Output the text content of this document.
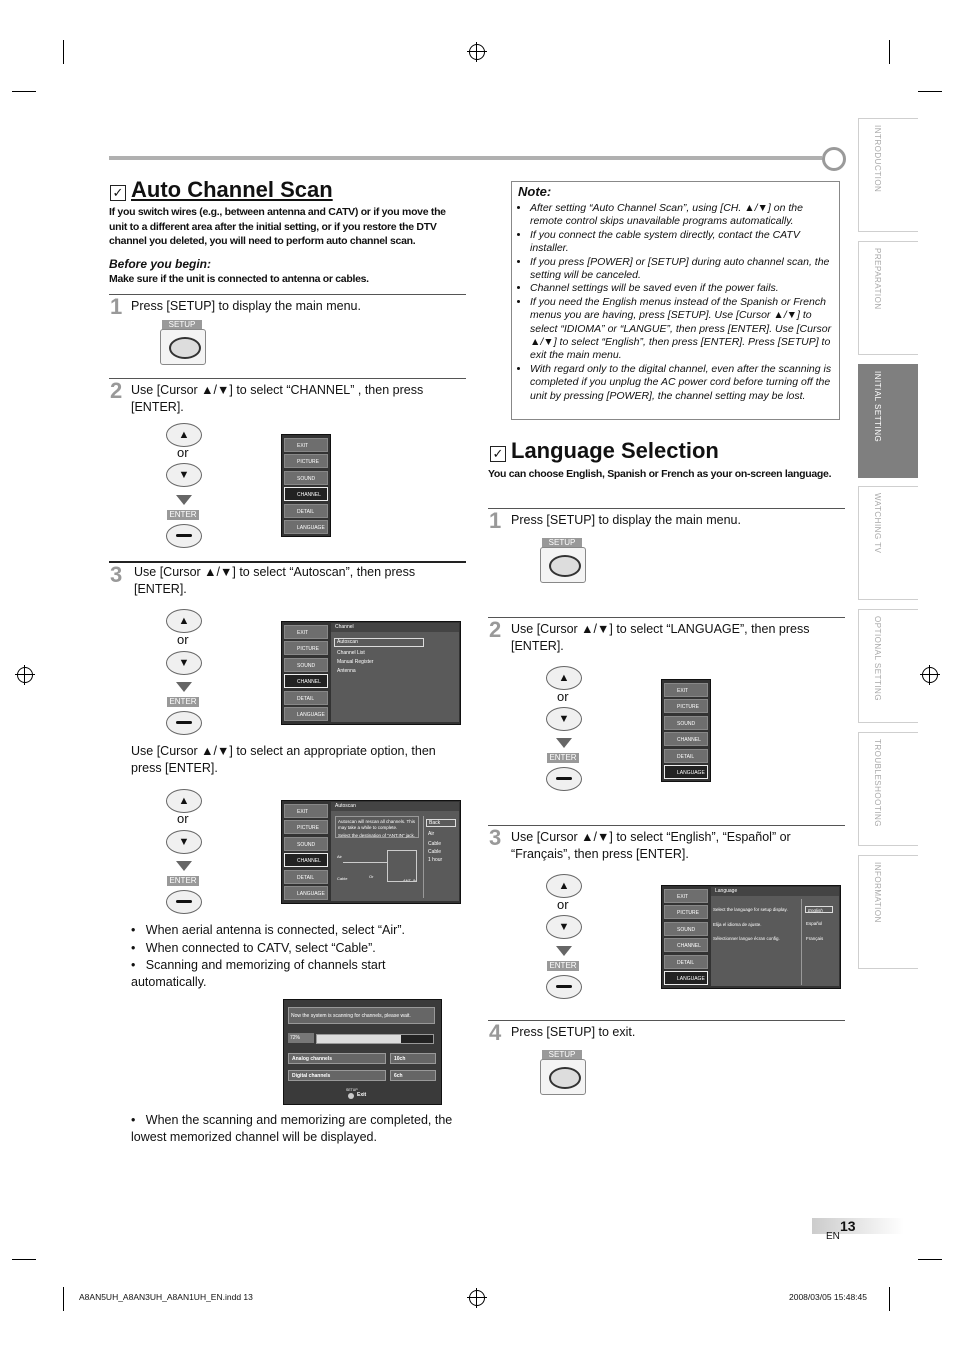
INTRODUCTION
PREPARATION
INITIAL SETTING
WATCHING TV
OPTIONAL SETTING
TROUBLESHOOTING
INFORMATION
✓ Auto Channel Scan
If you switch wires (e.g., between antenna and CATV) or if you move the unit to a different area after the initial setting, or if you restore the DTV channel you deleted, you will need to perform auto channel scan.
Before you begin:
Make sure if the unit is connected to antenna or cables.
1 Press [SETUP] to display the main menu.
SETUP
2 Use [Cursor ▲/▼] to select “CHANNEL” , then press [ENTER].
▲
or
▼
ENTER
EXIT
PICTURE
SOUND
CHANNEL
DETAIL
LANGUAGE
3 Use [Cursor ▲/▼] to select “Autoscan”, then press [ENTER].
▲
or
▼
ENTER
EXIT
PICTURE
SOUND
CHANNEL
DETAIL
LANGUAGE
Channel
Autoscan
Channel List
Manual Register
Antenna
Use [Cursor ▲/▼] to select an appropriate option, then press [ENTER].
▲
or
▼
ENTER
EXIT
PICTURE
SOUND
CHANNEL
DETAIL
LANGUAGE
Autoscan
Autoscan will rescan all channels. This may take a while to complete.
Select the destination of “ANT.IN” jack.
Back
Air
Cable
Cable
1 hour
Air
Cable	Or
ANT. IN
•   When aerial antenna is connected, select “Air”.
•   When connected to CATV, select “Cable”.
•   Scanning and memorizing of channels start automatically.
Now the system is scanning for channels, please wait.
72%
Analog channels	10ch
Digital channels	6ch
SETUP
Exit
•   When the scanning and memorizing are completed, the lowest memorized channel will be displayed.
Note:
• After setting “Auto Channel Scan”, using [CH. ▲/▼] on the remote control skips unavailable programs automatically.
• If you connect the cable system directly, contact the CATV installer.
• If you press [POWER] or [SETUP] during auto channel scan, the setting will be canceled.
• Channel settings will be saved even if the power fails.
• If you need the English menus instead of the Spanish or French menus you are having, press [SETUP]. Use [Cursor ▲/▼] to select “IDIOMA” or “LANGUE”, then press [ENTER]. Use [Cursor ▲/▼] to select “English”, then press [ENTER]. Press [SETUP] to exit the main menu.
• With regard only to the digital channel, even after the scanning is completed if you unplug the AC power cord before turning off the unit by pressing [POWER], the channel setting may be lost.
✓ Language Selection
You can choose English, Spanish or French as your on-screen language.
1 Press [SETUP] to display the main menu.
SETUP
2 Use [Cursor ▲/▼] to select “LANGUAGE”, then press [ENTER].
▲
or
▼
ENTER
EXIT
PICTURE
SOUND
CHANNEL
DETAIL
LANGUAGE
3 Use [Cursor ▲/▼] to select “English”, “Español” or “Français”, then press [ENTER].
▲
or
▼
ENTER
EXIT
PICTURE
SOUND
CHANNEL
DETAIL
LANGUAGE
Language
Select the language for setup display.
Elija el idioma de ajuste.
Sélectionner langue écran config.
English
Español
Français
4 Press [SETUP] to exit.
SETUP
13
EN
A8AN5UH_A8AN3UH_A8AN1UH_EN.indd 13	2008/03/05 15:48:45
